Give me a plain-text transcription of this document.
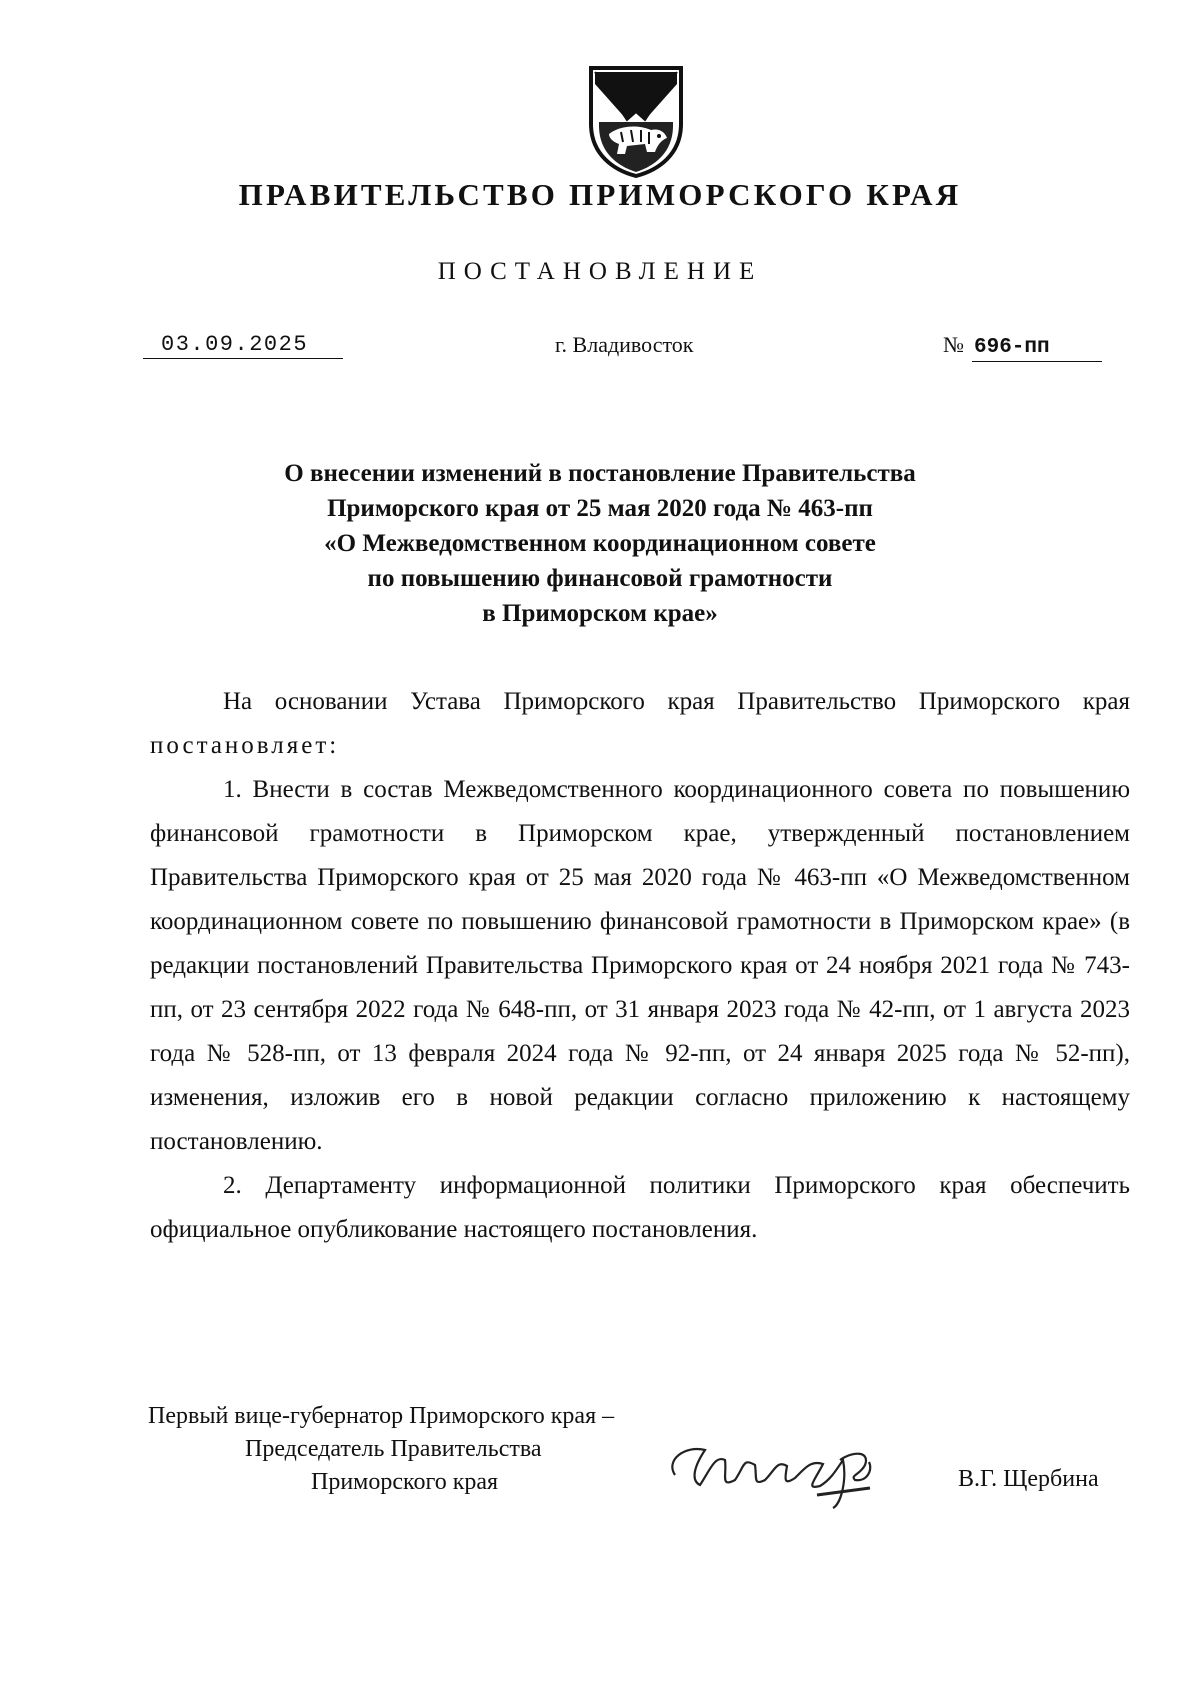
ПРАВИТЕЛЬСТВО ПРИМОРСКОГО КРАЯ
ПОСТАНОВЛЕНИЕ
03.09.2025	г. Владивосток	№ 696-пп
О внесении изменений в постановление Правительства
Приморского края от 25 мая 2020 года № 463-пп
«О Межведомственном координационном совете
по повышению финансовой грамотности
в Приморском крае»

На основании Устава Приморского края Правительство Приморского края постановляет:

1. Внести в состав Межведомственного координационного совета по повышению финансовой грамотности в Приморском крае, утвержденный постановлением Правительства Приморского края от 25 мая 2020 года № 463-пп «О Межведомственном координационном совете по повышению финансовой грамотности в Приморском крае» (в редакции постановлений Правительства Приморского края от 24 ноября 2021 года № 743-пп, от 23 сентября 2022 года № 648-пп, от 31 января 2023 года № 42-пп, от 1 августа 2023 года № 528-пп, от 13 февраля 2024 года № 92-пп, от 24 января 2025 года № 52-пп), изменения, изложив его в новой редакции согласно приложению к настоящему постановлению.

2. Департаменту информационной политики Приморского края обеспечить официальное опубликование настоящего постановления.

Первый вице-губернатор Приморского края –
Председатель Правительства
Приморского края	В.Г. Щербина
